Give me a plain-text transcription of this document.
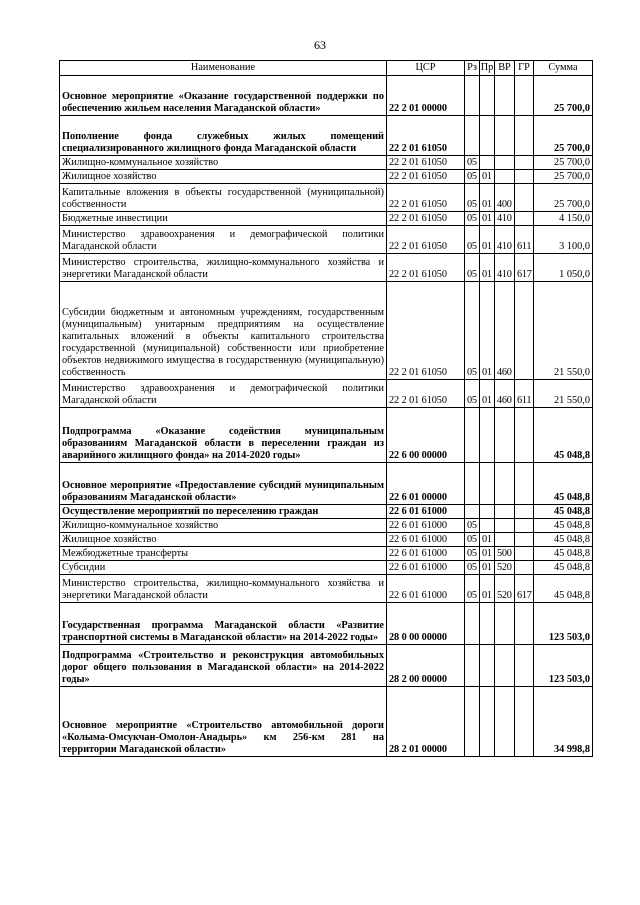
63
Наименование	ЦСР	Рз	Пр	ВР	ГР	Сумма
Основное мероприятие «Оказание государственной поддержки по обеспечению жильем населения Магаданской области»	22 2 01 00000					25 700,0
Пополнение фонда служебных жилых помещений специализированного жилищного фонда Магаданской области	22 2 01 61050					25 700,0
Жилищно-коммунальное хозяйство	22 2 01 61050	05				25 700,0
Жилищное хозяйство	22 2 01 61050	05	01			25 700,0
Капитальные вложения в объекты государственной (муниципальной) собственности	22 2 01 61050	05	01	400		25 700,0
Бюджетные инвестиции	22 2 01 61050	05	01	410		4 150,0
Министерство здравоохранения и демографической политики Магаданской области	22 2 01 61050	05	01	410	611	3 100,0
Министерство строительства, жилищно-коммунального хозяйства и энергетики Магаданской области	22 2 01 61050	05	01	410	617	1 050,0
Субсидии бюджетным и автономным учреждениям, государственным (муниципальным) унитарным предприятиям на осуществление капитальных вложений в объекты капитального строительства государственной (муниципальной) собственности или приобретение объектов недвижимого имущества в государственную (муниципальную) собственность	22 2 01 61050	05	01	460		21 550,0
Министерство здравоохранения и демографической политики Магаданской области	22 2 01 61050	05	01	460	611	21 550,0
Подпрограмма «Оказание содействия муниципальным образованиям Магаданской области в переселении граждан из аварийного жилищного фонда» на 2014-2020 годы»	22 6 00 00000					45 048,8
Основное мероприятие «Предоставление субсидий муниципальным образованиям Магаданской области»	22 6 01 00000					45 048,8
Осуществление мероприятий по переселению граждан	22 6 01 61000					45 048,8
Жилищно-коммунальное хозяйство	22 6 01 61000	05				45 048,8
Жилищное хозяйство	22 6 01 61000	05	01			45 048,8
Межбюджетные трансферты	22 6 01 61000	05	01	500		45 048,8
Субсидии	22 6 01 61000	05	01	520		45 048,8
Министерство строительства, жилищно-коммунального хозяйства и энергетики Магаданской области	22 6 01 61000	05	01	520	617	45 048,8
Государственная программа Магаданской области «Развитие транспортной системы в Магаданской области» на 2014-2022 годы»	28 0 00 00000					123 503,0
Подпрограмма «Строительство и реконструкция автомобильных дорог общего пользования в Магаданской области» на 2014-2022 годы»	28 2 00 00000					123 503,0
Основное мероприятие «Строительство автомобильной дороги «Колыма-Омсукчан-Омолон-Анадырь» км 256-км 281 на территории Магаданской области»	28 2 01 00000					34 998,8
